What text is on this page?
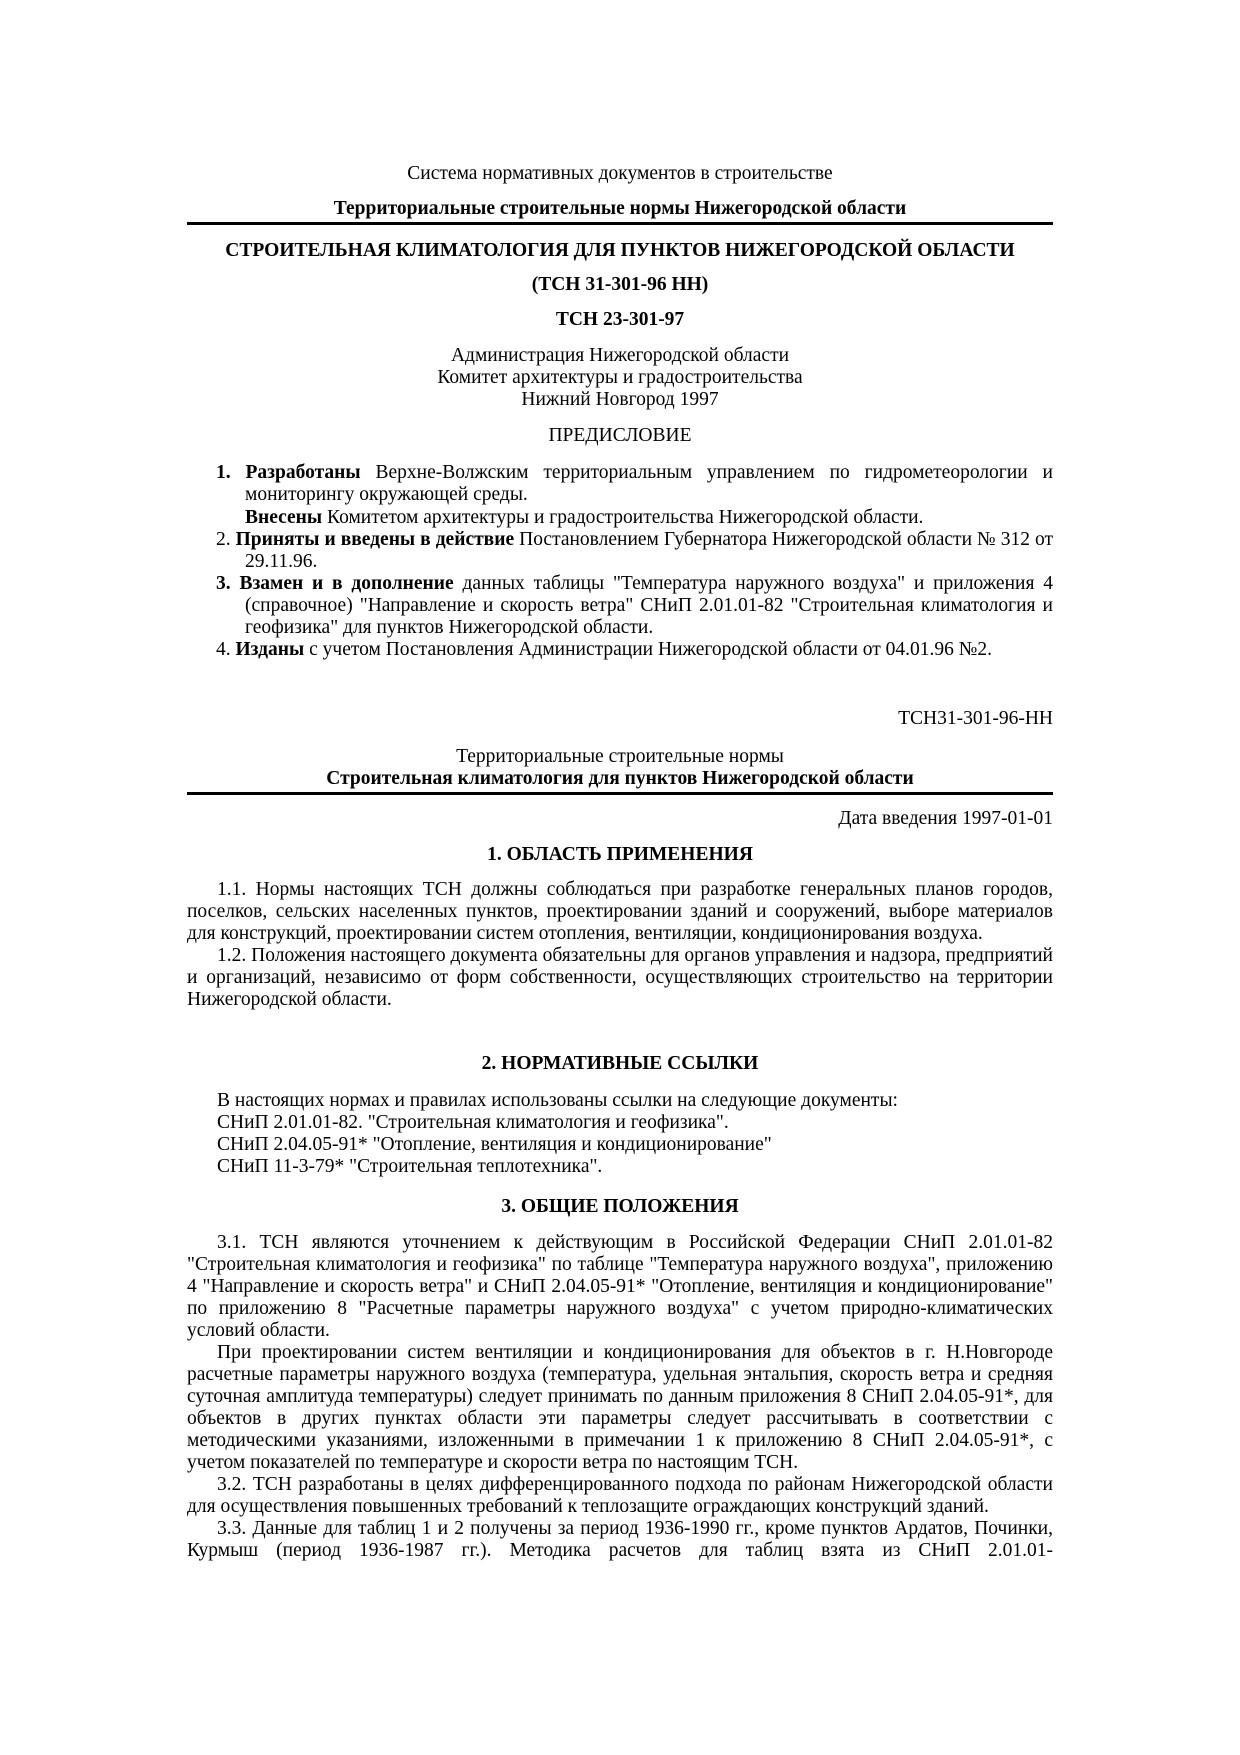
Система нормативных документов в строительстве

Территориальные строительные нормы Нижегородской области

СТРОИТЕЛЬНАЯ КЛИМАТОЛОГИЯ ДЛЯ ПУНКТОВ НИЖЕГОРОДСКОЙ ОБЛАСТИ

(ТСН 31-301-96 НН)

ТСН 23-301-97

Администрация Нижегородской области

Комитет архитектуры и градостроительства

Нижний Новгород 1997

ПРЕДИСЛОВИЕ

1. Разработаны Верхне-Волжским территориальным управлением по гидрометеорологии и мониторингу окружающей среды.

Внесены Комитетом архитектуры и градостроительства Нижегородской области.

2. Приняты и введены в действие Постановлением Губернатора Нижегородской области № 312 от 29.11.96.

3. Взамен и в дополнение данных таблицы "Температура наружного воздуха" и приложения 4 (справочное) "Направление и скорость ветра" СНиП 2.01.01-82 "Строительная климатология и геофизика" для пунктов Нижегородской области.

4. Изданы с учетом Постановления Администрации Нижегородской области от 04.01.96 №2.

ТСН31-301-96-НН

Территориальные строительные нормы

Строительная климатология для пунктов Нижегородской области

Дата введения 1997-01-01

1. ОБЛАСТЬ ПРИМЕНЕНИЯ

1.1. Нормы настоящих ТСН должны соблюдаться при разработке генеральных планов городов, поселков, сельских населенных пунктов, проектировании зданий и сооружений, выборе материалов для конструкций, проектировании систем отопления, вентиляции, кондиционирования воздуха.

1.2. Положения настоящего документа обязательны для органов управления и надзора, предприятий и организаций, независимо от форм собственности, осуществляющих строительство на территории Нижегородской области.

2. НОРМАТИВНЫЕ ССЫЛКИ

В настоящих нормах и правилах использованы ссылки на следующие документы:

СНиП 2.01.01-82. "Строительная климатология и геофизика".

СНиП 2.04.05-91* "Отопление, вентиляция и кондиционирование"

СНиП 11-3-79* "Строительная теплотехника".

3. ОБЩИЕ ПОЛОЖЕНИЯ

3.1. ТСН являются уточнением к действующим в Российской Федерации СНиП 2.01.01-82 "Строительная климатология и геофизика" по таблице "Температура наружного воздуха", приложению 4 "Направление и скорость ветра" и СНиП 2.04.05-91* "Отопление, вентиляция и кондиционирование" по приложению 8 "Расчетные параметры наружного воздуха" с учетом природно-климатических условий области.

При проектировании систем вентиляции и кондиционирования для объектов в г. Н.Новгороде расчетные параметры наружного воздуха (температура, удельная энтальпия, скорость ветра и средняя суточная амплитуда температуры) следует принимать по данным приложения 8 СНиП 2.04.05-91*, для объектов в других пунктах области эти параметры следует рассчитывать в соответствии с методическими указаниями, изложенными в примечании 1 к приложению 8 СНиП 2.04.05-91*, с учетом показателей по температуре и скорости ветра по настоящим ТСН.

3.2. ТСН разработаны в целях дифференцированного подхода по районам Нижегородской области для осуществления повышенных требований к теплозащите ограждающих конструкций зданий.

3.3. Данные для таблиц 1 и 2 получены за период 1936-1990 гг., кроме пунктов Ардатов, Починки, Курмыш (период 1936-1987 гг.). Методика расчетов для таблиц взята из СНиП 2.01.01-
